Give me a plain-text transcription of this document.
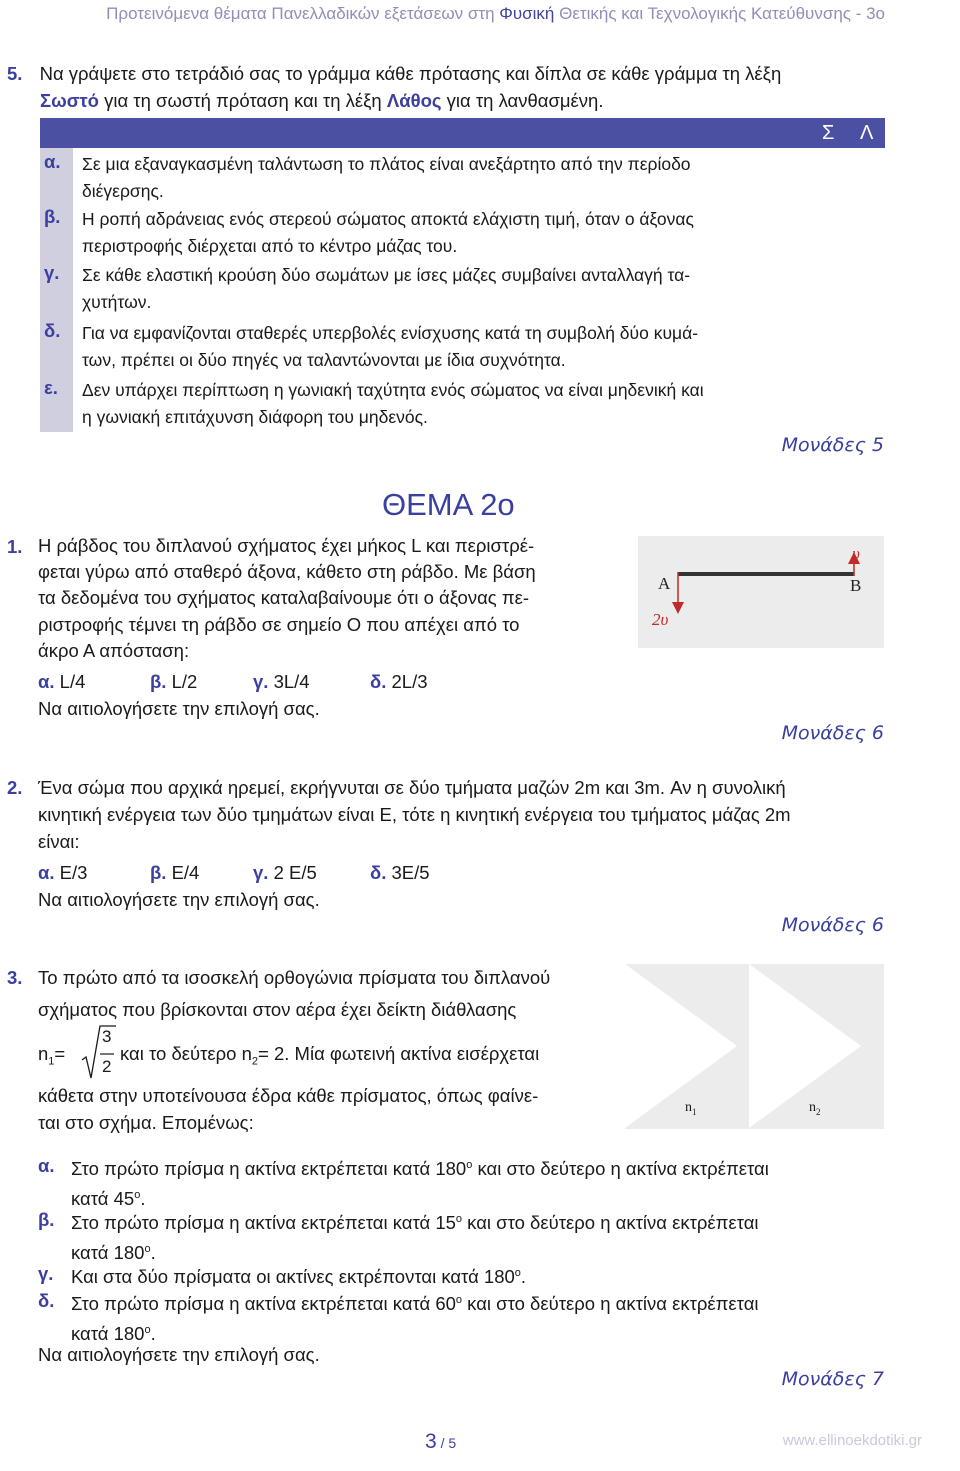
Προτεινόμενα θέματα Πανελλαδικών εξετάσεων στη Φυσική Θετικής και Τεχνολογικής Κατεύθυνσης - 3ο
5. Να γράψετε στο τετράδιό σας το γράμμα κάθε πρότασης και δίπλα σε κάθε γράμμα τη λέξη
Σωστό για τη σωστή πρόταση και τη λέξη Λάθος για τη λανθασμένη.
Σ Λ
α. Σε μια εξαναγκασμένη ταλάντωση το πλάτος είναι ανεξάρτητο από την περίοδο
διέγερσης.
β. Η ροπή αδράνειας ενός στερεού σώματος αποκτά ελάχιστη τιμή, όταν ο άξονας
περιστροφής διέρχεται από το κέντρο μάζας του.
γ. Σε κάθε ελαστική κρούση δύο σωμάτων με ίσες μάζες συμβαίνει ανταλλαγή τα-
χυτήτων.
δ. Για να εμφανίζονται σταθερές υπερβολές ενίσχυσης κατά τη συμβολή δύο κυμά-
των, πρέπει οι δύο πηγές να ταλαντώνονται με ίδια συχνότητα.
ε. Δεν υπάρχει περίπτωση η γωνιακή ταχύτητα ενός σώματος να είναι μηδενική και
η γωνιακή επιτάχυνση διάφορη του μηδενός.
Μονάδες 5
ΘΕΜΑ 2ο
1. Η ράβδος του διπλανού σχήματος έχει μήκος L και περιστρέ-
φεται γύρω από σταθερό άξονα, κάθετο στη ράβδο. Με βάση
τα δεδομένα του σχήματος καταλαβαίνουμε ότι ο άξονας πε-
ριστροφής τέμνει τη ράβδο σε σημείο Ο που απέχει από το
άκρο Α απόσταση:
α. L/4	β. L/2	γ. 3L/4	δ. 2L/3
Να αιτιολογήσετε την επιλογή σας.
A	B
υ
2υ
Μονάδες 6
2. Ένα σώμα που αρχικά ηρεμεί, εκρήγνυται σε δύο τμήματα μαζών 2m και 3m. Αν η συνολική
κινητική ενέργεια των δύο τμημάτων είναι Ε, τότε η κινητική ενέργεια του τμήματος μάζας 2m
είναι:
α. Ε/3	β. Ε/4	γ. 2 Ε/5	δ. 3Ε/5
Να αιτιολογήσετε την επιλογή σας.
Μονάδες 6
3. Το πρώτο από τα ισοσκελή ορθογώνια πρίσματα του διπλανού
σχήματος που βρίσκονται στον αέρα έχει δείκτη διάθλασης
$n_1=$
3
2
και το δεύτερο $n_2= 2$. Μία φωτεινή ακτίνα εισέρχεται
κάθετα στην υποτείνουσα έδρα κάθε πρίσματος, όπως φαίνε-
ται στο σχήμα. Επομένως:
$n_1$	$n_2$
α. Στο πρώτο πρίσμα η ακτίνα εκτρέπεται κατά $180^o$ και στο δεύτερο η ακτίνα εκτρέπεται
κατά $45^o$.
β. Στο πρώτο πρίσμα η ακτίνα εκτρέπεται κατά $15^o$ και στο δεύτερο η ακτίνα εκτρέπεται
κατά $180^o$.
γ. Και στα δύο πρίσματα οι ακτίνες εκτρέπονται κατά $180^o$.
δ. Στο πρώτο πρίσμα η ακτίνα εκτρέπεται κατά $60^o$ και στο δεύτερο η ακτίνα εκτρέπεται
κατά $180^o$.
Να αιτιολογήσετε την επιλογή σας.
Μονάδες 7
3 / 5	www.ellinoekdotiki.gr
